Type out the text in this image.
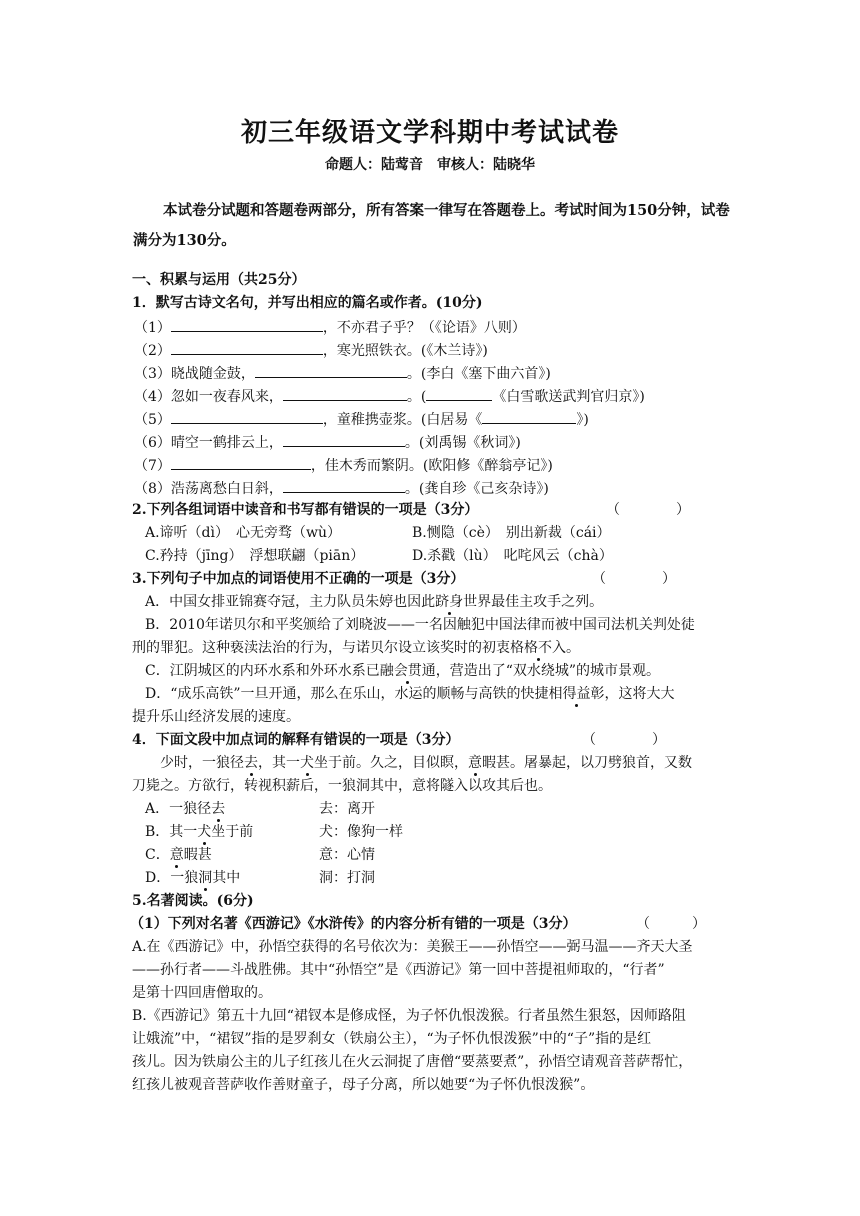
初三年级语文学科期中考试试卷
命题人：陆莺音　审核人：陆晓华
本试卷分试题和答题卷两部分，所有答案一律写在答题卷上。考试时间为150分钟，试卷满分为130分。
一、积累与运用（共25分）
1．默写古诗文名句，并写出相应的篇名或作者。(10分)
（1）	，不亦君子乎？（《论语》八则）
（2）	，寒光照铁衣。(《木兰诗》)
（3）晓战随金鼓，	。(李白《塞下曲六首》)
（4）忽如一夜春风来，	。(	《白雪歌送武判官归京》)
（5）	，童稚携壶浆。(白居易《	》)
（6）晴空一鹤排云上，	。(刘禹锡《秋词》)
（7）	，佳木秀而繁阴。(欧阳修《醉翁亭记》)
（8）浩荡离愁白日斜，	。(龚自珍《己亥杂诗》)
2.下列各组词语中读音和书写都有错误的一项是（3分）	（　　　　）
A.谛听（dì）　心无旁骛（wù）	B.恻隐（cè）　别出新裁（cái）
C.矜持（jīng）　浮想联翩（piān）	D.杀戳（lù）　叱咤风云（chà）
3.下列句子中加点的词语使用不正确的一项是（3分）	（　　　　）
A．中国女排亚锦赛夺冠，主力队员朱婷也因此跻身世界最佳主攻手之列。
B．2010年诺贝尔和平奖颁给了刘晓波——一名因触犯中国法律而被中国司法机关判处徒
刑的罪犯。这种亵渎法治的行为，与诺贝尔设立该奖时的初衷格格不入。
C．江阴城区的内环水系和外环水系已融会贯通，营造出了“双水绕城”的城市景观。
D．“成乐高铁”一旦开通，那么在乐山，水运的顺畅与高铁的快捷相得益彰，这将大大
提升乐山经济发展的速度。
4．下面文段中加点词的解释有错误的一项是（3分）	（　　　　）
少时，一狼径去，其一犬坐于前。久之，目似瞑，意暇甚。屠暴起，以刀劈狼首，又数
刀毙之。方欲行，转视积薪后，一狼洞其中，意将隧入以攻其后也。
A．一狼径去	去：离开
B．其一犬坐于前	犬：像狗一样
C．意暇甚	意：心情
D．一狼洞其中	洞：打洞
5.名著阅读。(6分)
（1）下列对名著《西游记》《水浒传》的内容分析有错的一项是（3分）	（　　　）
A.在《西游记》中，孙悟空获得的名号依次为：美猴王——孙悟空——弼马温——齐天大圣
——孙行者——斗战胜佛。其中“孙悟空”是《西游记》第一回中菩提祖师取的，“行者”
是第十四回唐僧取的。
B.《西游记》第五十九回“裙钗本是修成怪，为子怀仇恨泼猴。行者虽然生狠怒，因师路阻
让娥流”中，“裙钗”指的是罗刹女（铁扇公主），“为子怀仇恨泼猴”中的“子”指的是红
孩儿。因为铁扇公主的儿子红孩儿在火云洞捉了唐僧“要蒸要煮”，孙悟空请观音菩萨帮忙，
红孩儿被观音菩萨收作善财童子，母子分离，所以她要“为子怀仇恨泼猴”。
